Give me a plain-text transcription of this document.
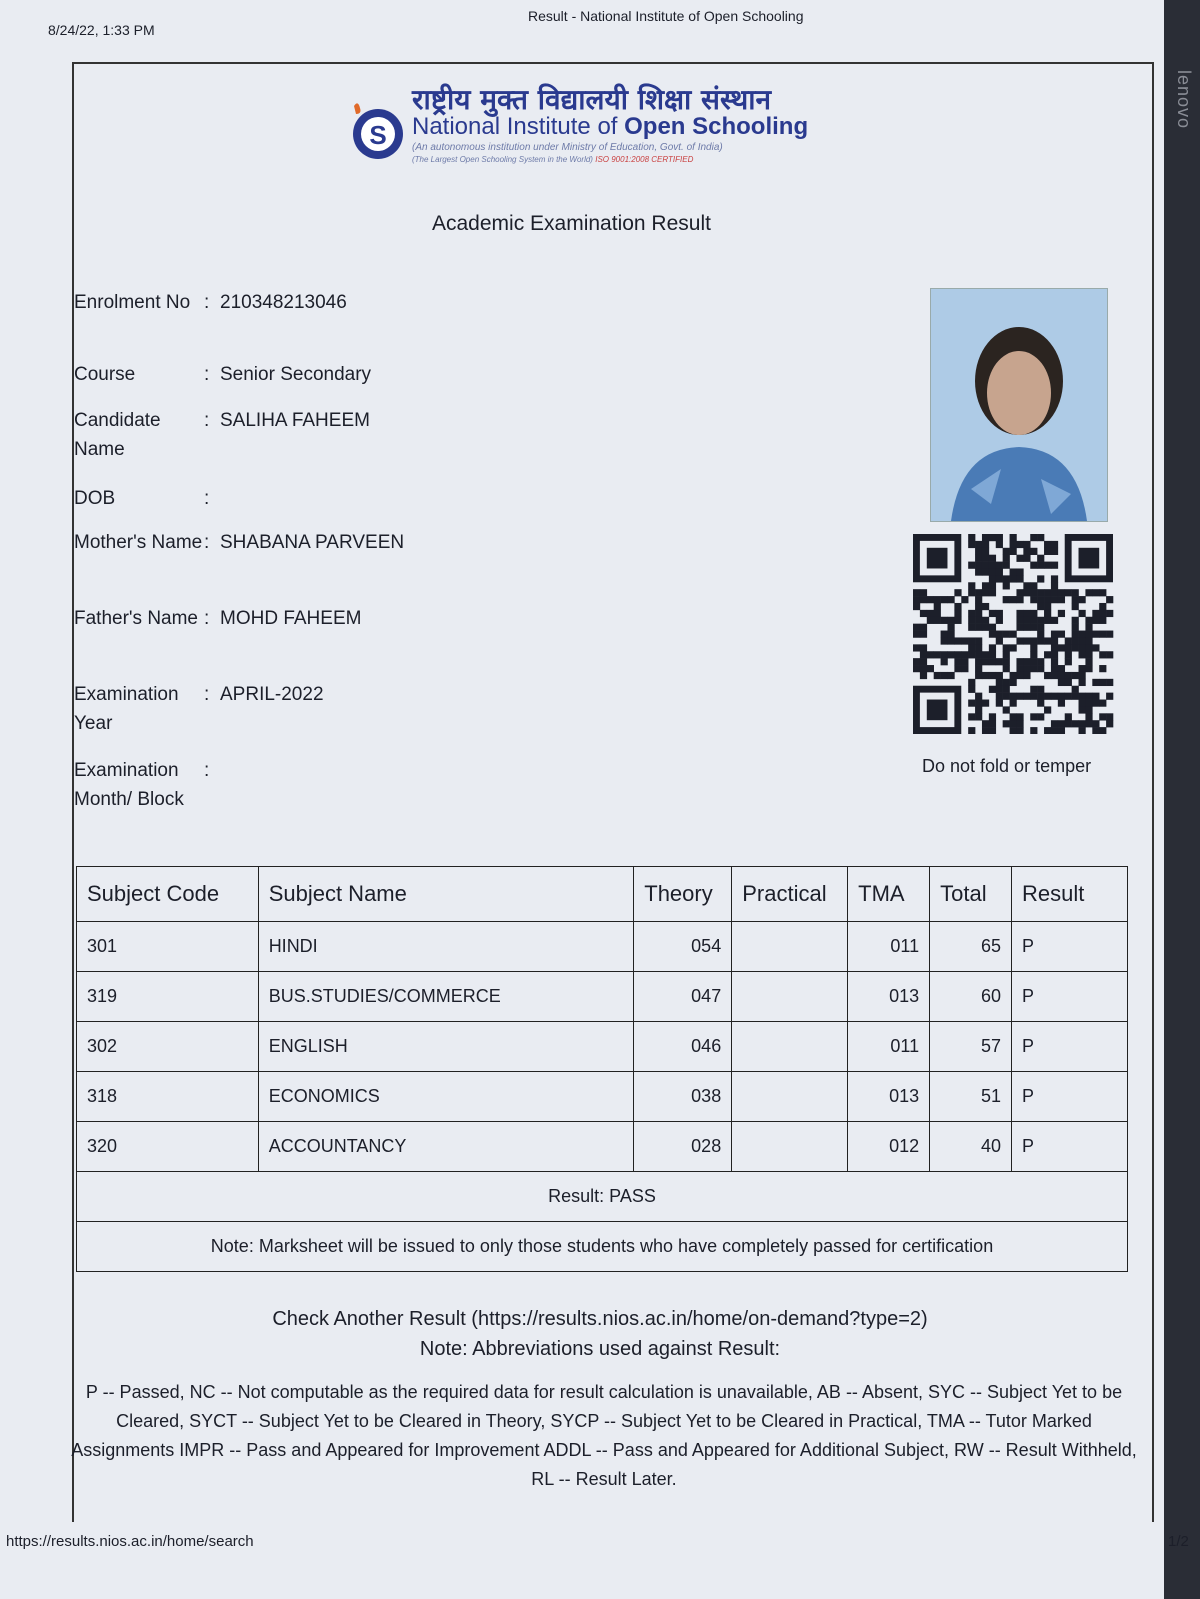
lenovo
8/24/22, 1:33 PM
Result - National Institute of Open Schooling
S
राष्ट्रीय मुक्त विद्यालयी शिक्षा संस्थान
National Institute of Open Schooling
(An autonomous institution under Ministry of Education, Govt. of India)
(The Largest Open Schooling System in the World) ISO 9001:2008 CERTIFIED
Academic Examination Result
Enrolment No : 210348213046
Course	: Senior Secondary
Candidate Name
: SALIHA FAHEEM
DOB	:
Mother's Name : SHABANA PARVEEN
Father's Name : MOHD FAHEEM
Examination Year
: APRIL-2022
Examination Month/ Block
:	Do not fold or temper
Subject Code	Subject Name	Theory	Practical	TMA	Total	Result
301	HINDI	054		011	65	P
319	BUS.STUDIES/COMMERCE	047		013	60	P
302	ENGLISH	046		011	57	P
318	ECONOMICS	038		013	51	P
320	ACCOUNTANCY	028		012	40	P
Result: PASS						
Note: Marksheet will be issued to only those students who have completely passed for certification						
Check Another Result (https://results.nios.ac.in/home/on-demand?type=2)
Note: Abbreviations used against Result:
P -- Passed, NC -- Not computable as the required data for result calculation is unavailable, AB -- Absent, SYC -- Subject Yet to be Cleared, SYCT -- Subject Yet to be Cleared in Theory, SYCP -- Subject Yet to be Cleared in Practical, TMA -- Tutor Marked Assignments IMPR -- Pass and Appeared for Improvement ADDL -- Pass and Appeared for Additional Subject, RW -- Result Withheld, RL -- Result Later.
https://results.nios.ac.in/home/search	1/2
